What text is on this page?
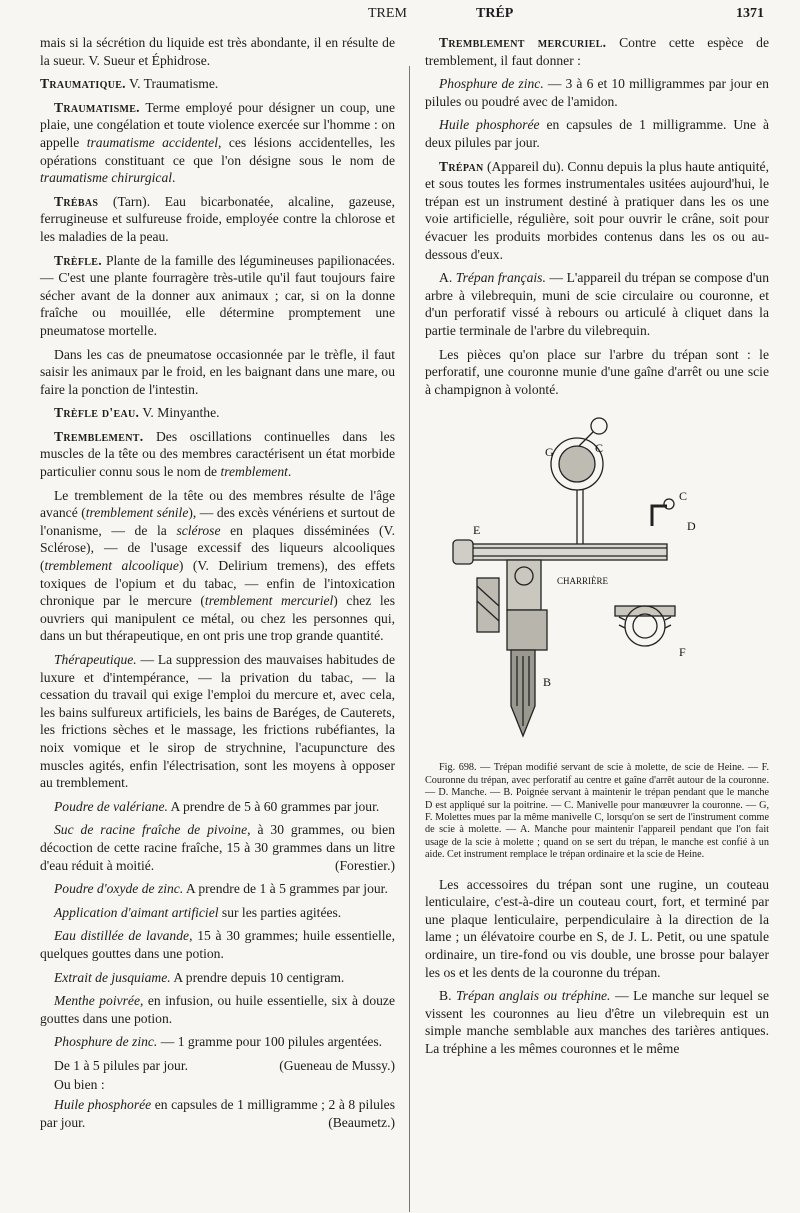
TREM	TRÉP	1371

mais si la sécrétion du liquide est très abondante, il en résulte de la sueur. V. Sueur et Éphidrose.

Traumatique. V. Traumatisme.

Traumatisme. Terme employé pour désigner un coup, une plaie, une congélation et toute violence exercée sur l'homme : on appelle traumatisme accidentel, ces lésions accidentelles, les opérations constituant ce que l'on désigne sous le nom de traumatisme chirurgical.

Trébas (Tarn). Eau bicarbonatée, alcaline, gazeuse, ferrugineuse et sulfureuse froide, employée contre la chlorose et les maladies de la peau.

Trèfle. Plante de la famille des légumineuses papilionacées. — C'est une plante fourragère très-utile qu'il faut toujours faire sécher avant de la donner aux animaux ; car, si on la donne fraîche ou mouillée, elle détermine promptement une pneumatose mortelle.

Dans les cas de pneumatose occasionnée par le trèfle, il faut saisir les animaux par le froid, en les baignant dans une mare, ou faire la ponction de l'intestin.

Trèfle d'eau. V. Minyanthe.

Tremblement. Des oscillations continuelles dans les muscles de la tête ou des membres caractérisent un état morbide particulier connu sous le nom de tremblement.

Le tremblement de la tête ou des membres résulte de l'âge avancé (tremblement sénile), — des excès vénériens et surtout de l'onanisme, — de la sclérose en plaques disséminées (V. Sclérose), — de l'usage excessif des liqueurs alcooliques (tremblement alcoolique) (V. Delirium tremens), des effets toxiques de l'opium et du tabac, — enfin de l'intoxication chronique par le mercure (tremblement mercuriel) chez les ouvriers qui manipulent ce métal, ou chez les personnes qui, dans un but thérapeutique, en ont pris une trop grande quantité.

Thérapeutique. — La suppression des mauvaises habitudes de luxure et d'intempérance, — la privation du tabac, — la cessation du travail qui exige l'emploi du mercure et, avec cela, les bains sulfureux artificiels, les bains de Baréges, de Cauterets, les frictions sèches et le massage, les frictions rubéfiantes, la noix vomique et le sirop de strychnine, l'acupuncture des muscles agités, enfin l'électrisation, sont les moyens à opposer au tremblement.

Poudre de valériane. A prendre de 5 à 60 grammes par jour.

Suc de racine fraîche de pivoine, à 30 grammes, ou bien décoction de cette racine fraîche, 15 à 30 grammes dans un litre d'eau réduit à moitié.	(Forestier.)

Poudre d'oxyde de zinc. A prendre de 1 à 5 grammes par jour.

Application d'aimant artificiel sur les parties agitées.

Eau distillée de lavande, 15 à 30 grammes; huile essentielle, quelques gouttes dans une potion.

Extrait de jusquiame. A prendre depuis 10 centigram.

Menthe poivrée, en infusion, ou huile essentielle, six à douze gouttes dans une potion.

Phosphure de zinc. — 1 gramme pour 100 pilules argentées.

De 1 à 5 pilules par jour.	(Gueneau de Mussy.)

Ou bien :

Huile phosphorée en capsules de 1 milligramme ; 2 à 8 pilules par jour.	(Beaumetz.)

Tremblement mercuriel. Contre cette espèce de tremblement, il faut donner :

Phosphure de zinc. — 3 à 6 et 10 milligrammes par jour en pilules ou poudré avec de l'amidon.

Huile phosphorée en capsules de 1 milligramme. Une à deux pilules par jour.

Trépan (Appareil du). Connu depuis la plus haute antiquité, et sous toutes les formes instrumentales usitées aujourd'hui, le trépan est un instrument destiné à pratiquer dans les os une voie artificielle, régulière, soit pour ouvrir le crâne, soit pour évacuer les produits morbides contenus dans les os ou au-dessous d'eux.

A. Trépan français. — L'appareil du trépan se compose d'un arbre à vilebrequin, muni de scie circulaire ou couronne, et d'un perforatif vissé à rebours ou articulé à cliquet dans la partie terminale de l'arbre du vilebrequin.

Les pièces qu'on place sur l'arbre du trépan sont : le perforatif, une couronne munie d'une gaîne d'arrêt ou une scie à champignon à volonté.

C
G
E	D
C
F
B
CHARRIÈRE

Fig. 698. — Trépan modifié servant de scie à molette, de scie de Heine. — F. Couronne du trépan, avec perforatif au centre et gaîne d'arrêt autour de la couronne. — D. Manche. — B. Poignée servant à maintenir le trépan pendant que le manche D est appliqué sur la poitrine. — C. Manivelle pour manœuvrer la couronne. — G, F. Molettes mues par la même manivelle C, lorsqu'on se sert de l'instrument comme de scie à molette. — A. Manche pour maintenir l'appareil pendant que l'on fait usage de la scie à molette ; quand on se sert du trépan, le manche est confié à un aide. Cet instrument remplace le trépan ordinaire et la scie de Heine.

Les accessoires du trépan sont une rugine, un couteau lenticulaire, c'est-à-dire un couteau court, fort, et terminé par une plaque lenticulaire, perpendiculaire à la direction de la lame ; un élévatoire courbe en S, de J. L. Petit, ou une spatule ordinaire, un tire-fond ou vis double, une brosse pour balayer les os et les dents de la couronne du trépan.

B. Trépan anglais ou tréphine. — Le manche sur lequel se vissent les couronnes au lieu d'être un vilebrequin est un simple manche semblable aux manches des tarières antiques. La tréphine a les mêmes couronnes et le même
